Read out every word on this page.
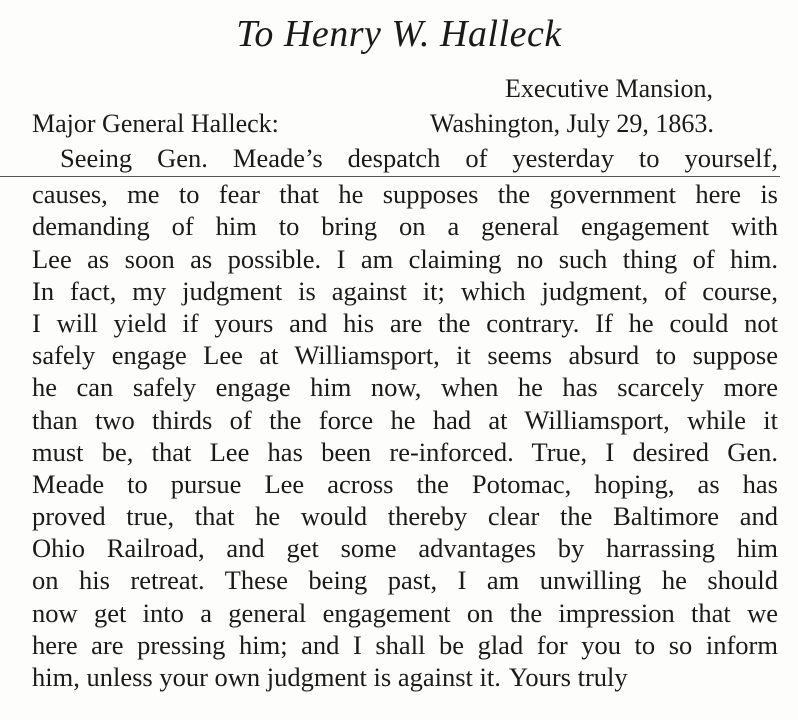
To Henry W. Halleck
Executive Mansion,
Major General Halleck:	Washington, July 29, 1863.
Seeing Gen. Meade’s despatch of yesterday to yourself,
causes, me to fear that he supposes the government here is
demanding of him to bring on a general engagement with
Lee as soon as possible. I am claiming no such thing of him.
In fact, my judgment is against it; which judgment, of course,
I will yield if yours and his are the contrary. If he could not
safely engage Lee at Williamsport, it seems absurd to suppose
he can safely engage him now, when he has scarcely more
than two thirds of the force he had at Williamsport, while it
must be, that Lee has been re-inforced. True, I desired Gen.
Meade to pursue Lee across the Potomac, hoping, as has
proved true, that he would thereby clear the Baltimore and
Ohio Railroad, and get some advantages by harrassing him
on his retreat. These being past, I am unwilling he should
now get into a general engagement on the impression that we
here are pressing him; and I shall be glad for you to so inform
him, unless your own judgment is against it. Yours truly
